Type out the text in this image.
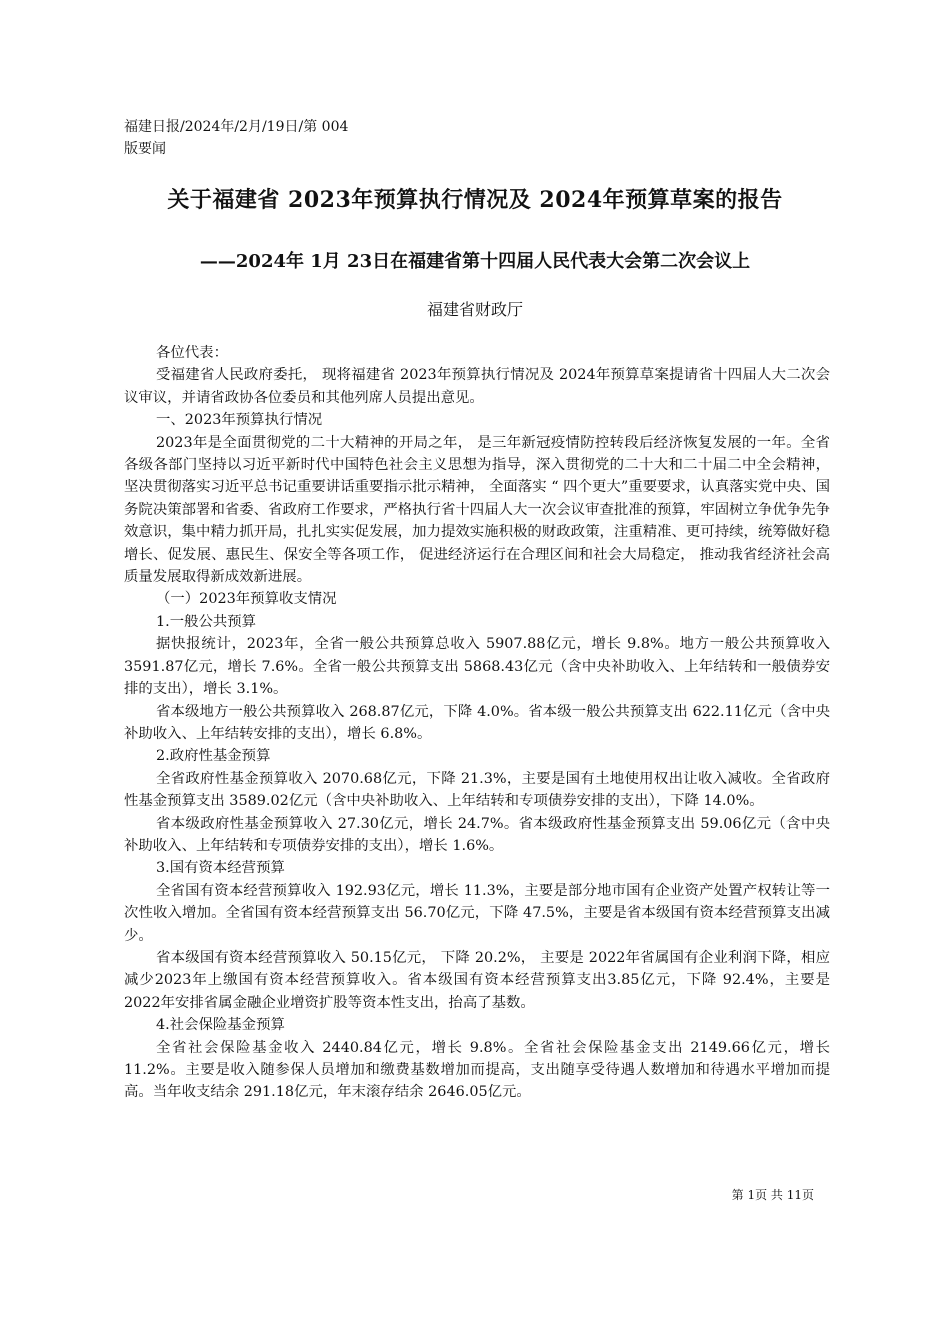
福建日报/2024年/2月/19日/第 004
版要闻
关于福建省 2023年预算执行情况及 2024年预算草案的报告
——2024年 1月 23日在福建省第十四届人民代表大会第二次会议上
福建省财政厅

各位代表：

受福建省人民政府委托， 现将福建省 2023年预算执行情况及 2024年预算草案提请省十四届人大二次会议审议，并请省政协各位委员和其他列席人员提出意见。

一、2023年预算执行情况

2023年是全面贯彻党的二十大精神的开局之年， 是三年新冠疫情防控转段后经济恢复发展的一年。全省各级各部门坚持以习近平新时代中国特色社会主义思想为指导，深入贯彻党的二十大和二十届二中全会精神， 坚决贯彻落实习近平总书记重要讲话重要指示批示精神， 全面落实 “ 四个更大”重要要求，认真落实党中央、国务院决策部署和省委、省政府工作要求，严格执行省十四届人大一次会议审查批准的预算，牢固树立争优争先争效意识，集中精力抓开局，扎扎实实促发展，加力提效实施积极的财政政策，注重精准、更可持续，统筹做好稳增长、促发展、惠民生、保安全等各项工作， 促进经济运行在合理区间和社会大局稳定， 推动我省经济社会高质量发展取得新成效新进展。

（一）2023年预算收支情况

1.一般公共预算

据快报统计，2023年，全省一般公共预算总收入 5907.88亿元，增长 9.8%。地方一般公共预算收入 3591.87亿元，增长 7.6%。全省一般公共预算支出 5868.43亿元（含中央补助收入、上年结转和一般债券安排的支出），增长 3.1%。

省本级地方一般公共预算收入 268.87亿元，下降 4.0%。省本级一般公共预算支出 622.11亿元（含中央补助收入、上年结转安排的支出），增长 6.8%。

2.政府性基金预算

全省政府性基金预算收入 2070.68亿元，下降 21.3%，主要是国有土地使用权出让收入减收。全省政府性基金预算支出 3589.02亿元（含中央补助收入、上年结转和专项债券安排的支出），下降 14.0%。

省本级政府性基金预算收入 27.30亿元，增长 24.7%。省本级政府性基金预算支出 59.06亿元（含中央补助收入、上年结转和专项债券安排的支出），增长 1.6%。

3.国有资本经营预算

全省国有资本经营预算收入 192.93亿元，增长 11.3%，主要是部分地市国有企业资产处置产权转让等一次性收入增加。全省国有资本经营预算支出 56.70亿元，下降 47.5%，主要是省本级国有资本经营预算支出减少。

省本级国有资本经营预算收入 50.15亿元， 下降 20.2%， 主要是 2022年省属国有企业利润下降，相应减少2023年上缴国有资本经营预算收入。省本级国有资本经营预算支出3.85亿元，下降 92.4%，主要是 2022年安排省属金融企业增资扩股等资本性支出，抬高了基数。

4.社会保险基金预算

全省社会保险基金收入 2440.84亿元，增长 9.8%。全省社会保险基金支出 2149.66亿元，增长 11.2%。主要是收入随参保人员增加和缴费基数增加而提高，支出随享受待遇人数增加和待遇水平增加而提高。当年收支结余 291.18亿元，年末滚存结余 2646.05亿元。

第 1页 共 11页
